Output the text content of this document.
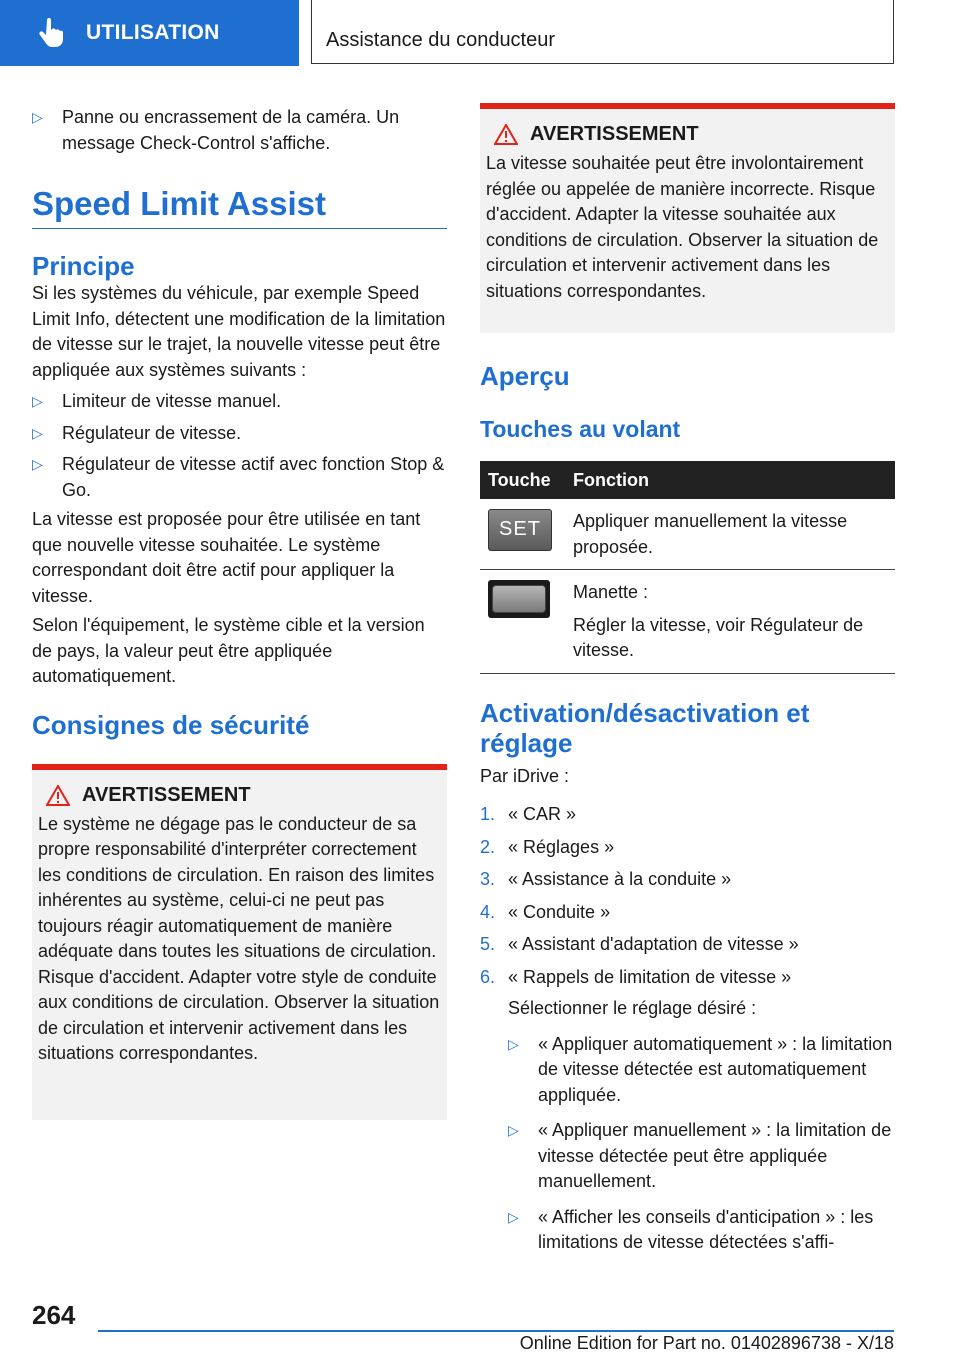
UTILISATION	Assistance du conducteur
▷ Panne ou encrassement de la caméra. Un message Check-Control s'affiche.
Speed Limit Assist
Principe
Si les systèmes du véhicule, par exemple Speed Limit Info, détectent une modification de la limitation de vitesse sur le trajet, la nouvelle vitesse peut être appliquée aux systèmes suivants :
▷ Limiteur de vitesse manuel.
▷ Régulateur de vitesse.
▷ Régulateur de vitesse actif avec fonction Stop & Go.
La vitesse est proposée pour être utilisée en tant que nouvelle vitesse souhaitée. Le système correspondant doit être actif pour appliquer la vitesse.
Selon l'équipement, le système cible et la version de pays, la valeur peut être appliquée automatiquement.
Consignes de sécurité
AVERTISSEMENT
Le système ne dégage pas le conducteur de sa propre responsabilité d'interpréter correctement les conditions de circulation. En raison des limites inhérentes au système, celui-ci ne peut pas toujours réagir automatiquement de manière adéquate dans toutes les situations de circulation. Risque d'accident. Adapter votre style de conduite aux conditions de circulation. Observer la situation de circulation et intervenir activement dans les situations correspondantes.
AVERTISSEMENT
La vitesse souhaitée peut être involontairement réglée ou appelée de manière incorrecte. Risque d'accident. Adapter la vitesse souhaitée aux conditions de circulation. Observer la situation de circulation et intervenir activement dans les situations correspondantes.
Aperçu
Touches au volant
Touche	Fonction

SET	Appliquer manuellement la vitesse proposée.

	Manette :
Régler la vitesse, voir Régulateur de vitesse.
Activation/désactivation et réglage
Par iDrive :
1. « CAR »
2. « Réglages »
3. « Assistance à la conduite »
4. « Conduite »
5. « Assistant d'adaptation de vitesse »
6. « Rappels de limitation de vitesse »
Sélectionner le réglage désiré :
▷ « Appliquer automatiquement » : la limitation de vitesse détectée est automatiquement appliquée.
▷ « Appliquer manuellement » : la limitation de vitesse détectée peut être appliquée manuellement.
▷ « Afficher les conseils d'anticipation » : les limitations de vitesse détectées s'affi-
264
Online Edition for Part no. 01402896738 - X/18
